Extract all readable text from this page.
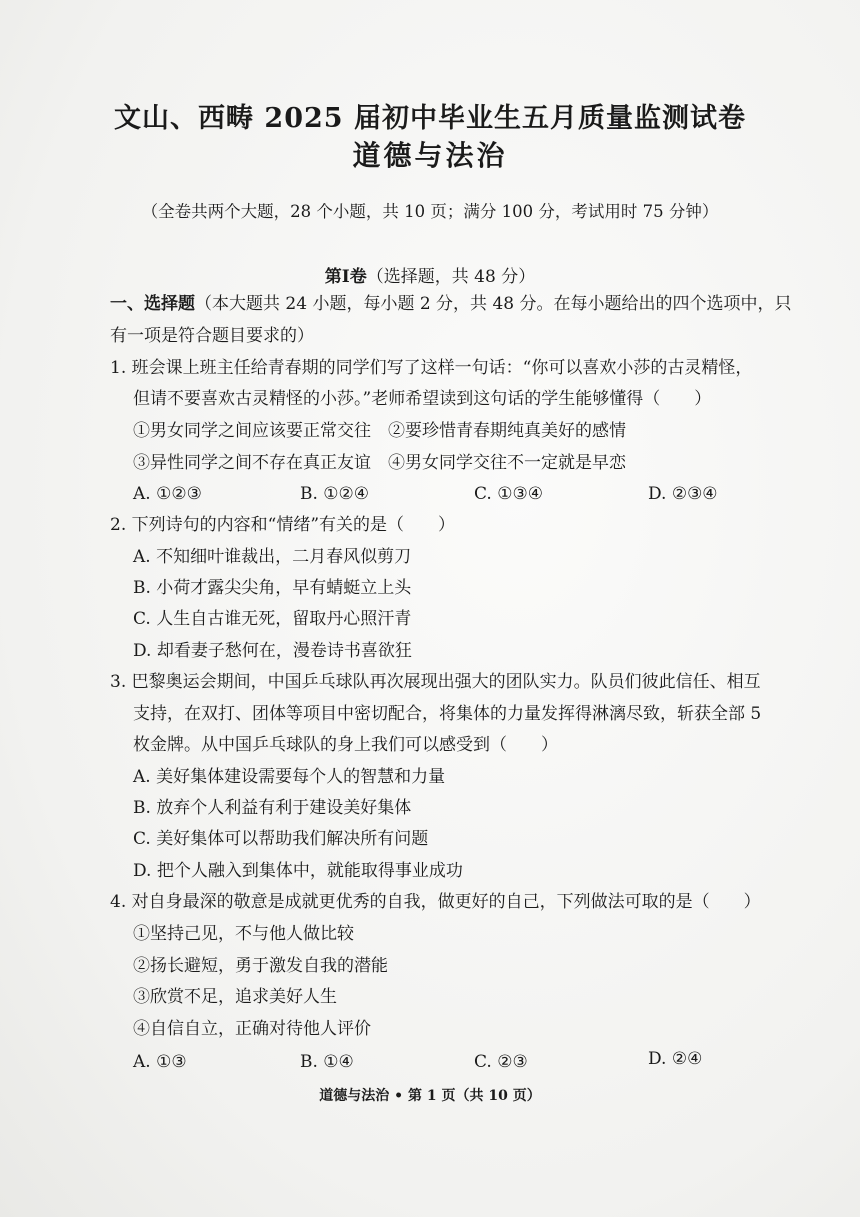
文山、西畴 2025 届初中毕业生五月质量监测试卷
道德与法治
（全卷共两个大题，28 个小题，共 10 页；满分 100 分，考试用时 75 分钟）
第Ⅰ卷（选择题，共 48 分）
一、选择题（本大题共 24 小题，每小题 2 分，共 48 分。在每小题给出的四个选项中，只
有一项是符合题目要求的）
1. 班会课上班主任给青春期的同学们写了这样一句话：“你可以喜欢小莎的古灵精怪，
但请不要喜欢古灵精怪的小莎。”老师希望读到这句话的学生能够懂得（　　）
①男女同学之间应该要正常交往　②要珍惜青春期纯真美好的感情
③异性同学之间不存在真正友谊　④男女同学交往不一定就是早恋
A. ①②③	B. ①②④	C. ①③④	D. ②③④
2. 下列诗句的内容和“情绪”有关的是（　　）
A. 不知细叶谁裁出，二月春风似剪刀
B. 小荷才露尖尖角，早有蜻蜓立上头
C. 人生自古谁无死，留取丹心照汗青
D. 却看妻子愁何在，漫卷诗书喜欲狂
3. 巴黎奥运会期间，中国乒乓球队再次展现出强大的团队实力。队员们彼此信任、相互
支持，在双打、团体等项目中密切配合，将集体的力量发挥得淋漓尽致，斩获全部 5
枚金牌。从中国乒乓球队的身上我们可以感受到（　　）
A. 美好集体建设需要每个人的智慧和力量
B. 放弃个人利益有利于建设美好集体
C. 美好集体可以帮助我们解决所有问题
D. 把个人融入到集体中，就能取得事业成功
4. 对自身最深的敬意是成就更优秀的自我，做更好的自己，下列做法可取的是（　　）
①坚持己见，不与他人做比较
②扬长避短，勇于激发自我的潜能
③欣赏不足，追求美好人生
④自信自立，正确对待他人评价
A. ①③	B. ①④	C. ②③	D. ②④
道德与法治 • 第 1 页（共 10 页）
